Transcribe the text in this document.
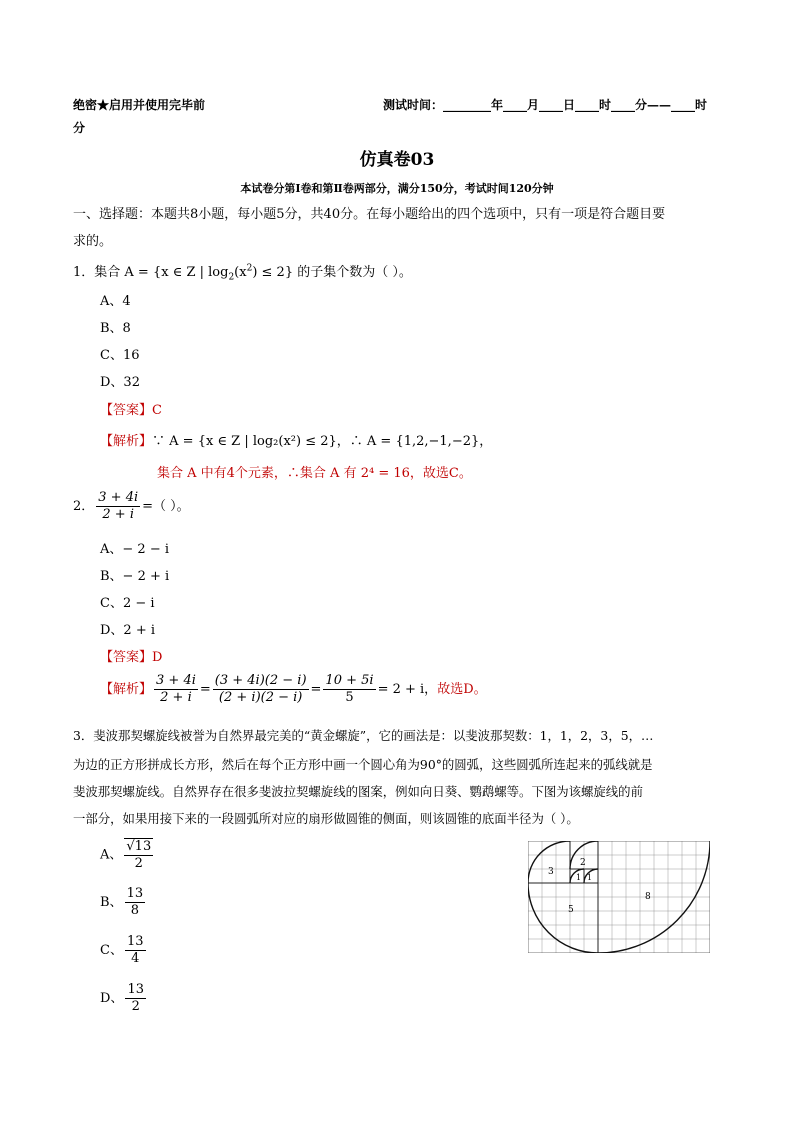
绝密★启用并使用完毕前
分
测试时间：________年____月____日____时____分——____时
仿真卷03
本试卷分第Ⅰ卷和第Ⅱ卷两部分，满分150分，考试时间120分钟
一、选择题：本题共8小题，每小题5分，共40分。在每小题给出的四个选项中，只有一项是符合题目要
求的。
1．集合 A = {x ∈ Z | $\log_2(x^2) \le 2$} 的子集个数为（ ）。
A、4
B、8
C、16
D、32
【答案】C
【解析】∵ A = {x ∈ Z | log₂(x²) ≤ 2}，∴ A = {1,2,−1,−2}，
集合 A 中有4个元素，∴集合 A 有 2⁴ = 16，故选C。
2． $\frac{3 + 4i}{2 + i}$ =（ ）。
A、− 2 − i
B、− 2 + i
C、2 − i
D、2 + i
【答案】D
【解析】 $\frac{3 + 4i}{2 + i} = \frac{(3 + 4i)(2 - i)}{(2 + i)(2 - i)} = \frac{10 + 5i}{5} = 2 + i$，故选D。
3．斐波那契螺旋线被誉为自然界最完美的“黄金螺旋”，它的画法是：以斐波那契数：1，1，2，3，5，…
为边的正方形拼成长方形，然后在每个正方形中画一个圆心角为90°的圆弧，这些圆弧所连起来的弧线就是
斐波那契螺旋线。自然界存在很多斐波拉契螺旋线的图案，例如向日葵、鹦鹉螺等。下图为该螺旋线的前
一部分，如果用接下来的一段圆弧所对应的扇形做圆锥的侧面，则该圆锥的底面半径为（ ）。
A、 $\frac{√13}{2}$
B、 $\frac{13}{8}$
C、 $\frac{13}{4}$
D、 $\frac{13}{2}$
1 1
2
3
5
8
